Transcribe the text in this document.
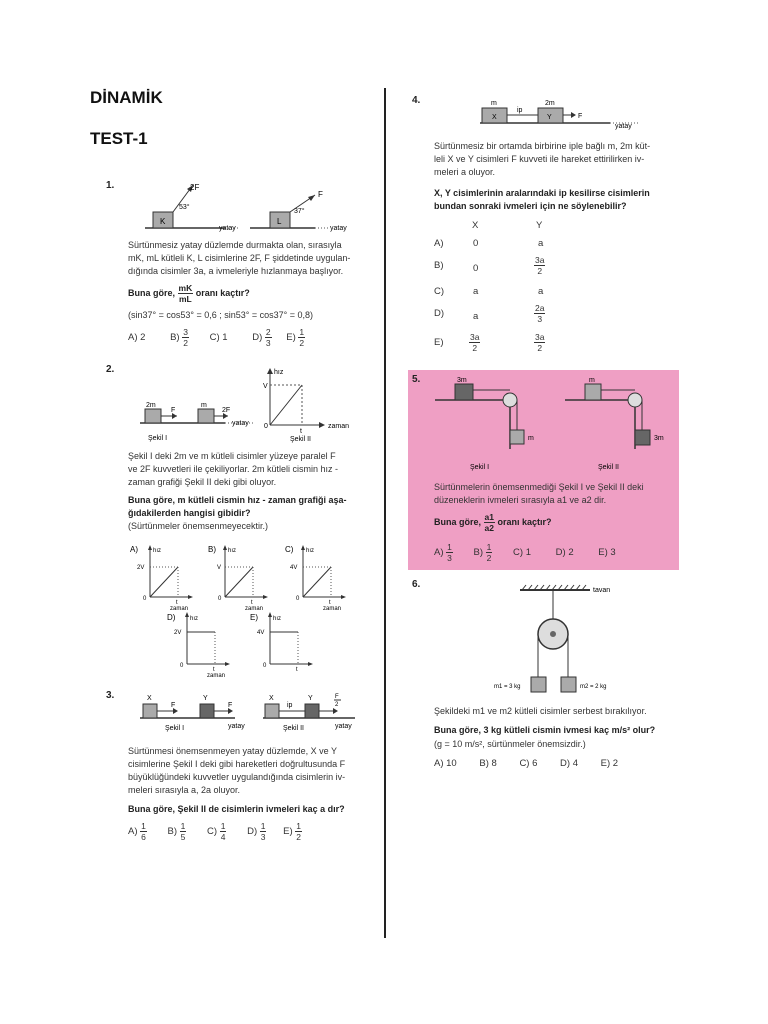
DİNAMİK
TEST-1
1.
K
2F
53°
yatay
L
F
37°
yatay
Sürtünmesiz yatay düzlemde durmakta olan, sırasıyla
mK, mL kütleli K, L cisimlerine 2F, F şiddetinde uygulan-
dığında cisimler 3a, a ivmeleriyle hızlanmaya başlıyor.
Buna göre, $\frac{mK}{mL}$ oranı kaçtır?
(sin37° = cos53° = 0,6 ; sin53° = cos37° = 0,8)
A) 2	$B) \frac{3}{2} C$) 1	$D) \frac{2}{3} E) \frac{1}{2}$
2.
2m
F
m
2F
yatay
Şekil I
hız
V
0
t
zaman
Şekil II
Şekil I deki 2m ve m kütleli cisimler yüzeye paralel F
ve 2F kuvvetleri ile çekiliyorlar. 2m kütleli cismin hız -
zaman grafiği Şekil II deki gibi oluyor.
Buna göre, m kütleli cismin hız - zaman grafiği aşa-
ğıdakilerden hangisi gibidir?
(Sürtünmeler önemsenmeyecektir.)
A)	hız
2V
0
t
zaman
B) hız
V
0
t
zaman
C) hız
4V
0
t
zaman
D) hız
2V
0
t
zaman
E)	hız
4V
0
t
3.	X
F
Y
F
yatay
Şekil I
X
ip
Y	F
2
yatay
Şekil II
Sürtünmesi önemsenmeyen yatay düzlemde, X ve Y
cisimlerine Şekil I deki gibi hareketleri doğrultusunda F
büyüklüğündeki kuvvetler uygulandığında cisimlerin iv-
meleri sırasıyla a, 2a oluyor.
Buna göre, Şekil II de cisimlerin ivmeleri kaç a dır?
$A) \frac{1}{6} B) \frac{1}{5} C) \frac{1}{4} D) \frac{1}{3} E) \frac{1}{2}$
4.
X
m
ip
Y
2m
F
yatay
Sürtünmesiz bir ortamda birbirine iple bağlı m, 2m küt-
leli X ve Y cisimleri F kuvveti ile hareket ettirilirken iv-
meleri a oluyor.
X, Y cisimlerinin aralarındaki ip kesilirse cisimlerin
bundan sonraki ivmeleri için ne söylenebilir?
X	Y
A)	0	a
B)	0	$\frac{3a}{2}$
C)	a	a
D)	a	$\frac{2a}{3}$
E)	$\frac{3a}{2}$	$\frac{3a}{2}$
5.	3m
m
Şekil I
m
3m
Şekil II
Sürtünmelerin önemsenmediği Şekil I ve Şekil II deki
düzeneklerin ivmeleri sırasıyla a1 ve a2 dir.
Buna göre, $\frac{a1}{a2}$ oranı kaçtır?
$A) \frac{1}{3} B) \frac{1}{2} C$) 1	D) 2	E) 3
6.
tavan
m1 = 3 kg	m2 = 2 kg
Şekildeki m1 ve m2 kütleli cisimler serbest bırakılıyor.
Buna göre, 3 kg kütleli cismin ivmesi kaç m/s² olur?
(g = 10 m/s², sürtünmeler önemsizdir.)
A) 10 B) 8 C) 6 D) 4 E) 2
